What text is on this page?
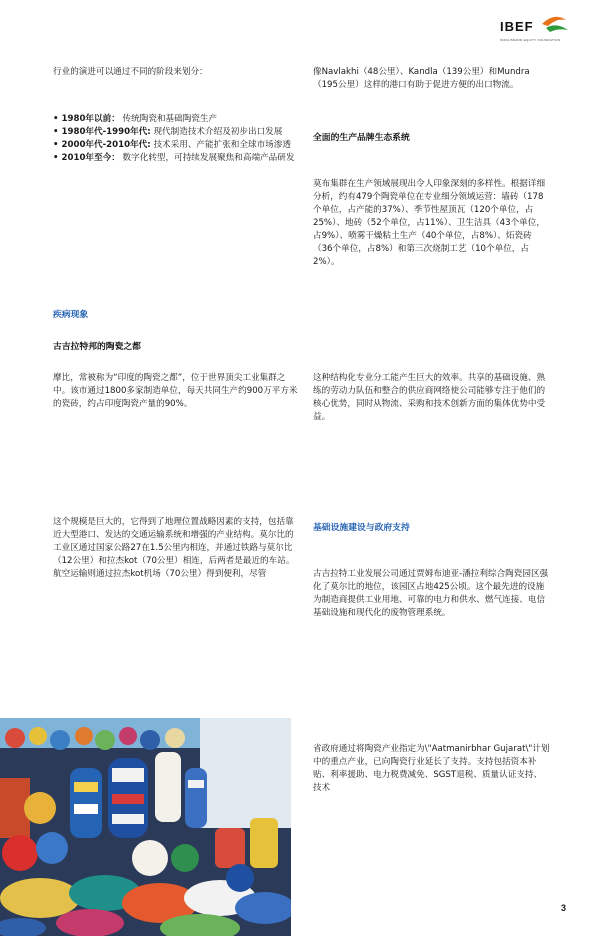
IBEF
INDIA BRAND EQUITY FOUNDATION

行业的演进可以通过不同的阶段来划分：

• 1980年以前： 传统陶瓷和基础陶瓷生产
• 1980年代-1990年代: 现代制造技术介绍及初步出口发展
• 2000年代-2010年代: 技术采用、产能扩张和全球市场渗透
• 2010年至今： 数字化转型，可持续发展聚焦和高端产品研发
疾病现象
古吉拉特邦的陶瓷之都

摩比，常被称为“印度的陶瓷之都”，位于世界顶尖工业集群之中。该市通过1800多家制造单位，每天共同生产约900万平方米的瓷砖，约占印度陶瓷产量的90%。

这个规模是巨大的，它得到了地理位置战略因素的支持，包括靠近大型港口、发达的交通运输系统和增强的产业结构。莫尔比的工业区通过国家公路27在1.5公里内相连，并通过铁路与莫尔比（12公里）和拉杰kot（70公里）相连，后两者是最近的车站。航空运输则通过拉杰kot机场（70公里）得到便利，尽管

像Navlakhi（48公里）、Kandla（139公里）和Mundra（195公里）这样的港口有助于促进方便的出口物流。

全面的生产品牌生态系统

莫布集群在生产领域展现出令人印象深刻的多样性。根据详细分析，约有479个陶瓷单位在专业细分领域运营：墙砖（178个单位，占产能的37%）、季节性屋顶瓦（120个单位，占25%）、地砖（52个单位，占11%）、卫生洁具（43个单位，占9%）、喷雾干燥粘土生产（40个单位，占8%）、炻瓷砖（36个单位，占8%）和第三次烧制工艺（10个单位，占2%）。

这种结构化专业分工能产生巨大的效率。共享的基础设施、熟练的劳动力队伍和整合的供应商网络使公司能够专注于他们的核心优势，同时从物流、采购和技术创新方面的集体优势中受益。

基础设施建设与政府支持

古吉拉特工业发展公司通过贾姆布迪亚-潘拉利综合陶瓷园区强化了莫尔比的地位，该园区占地425公顷。这个最先进的设施为制造商提供工业用地、可靠的电力和供水、燃气连接、电信基础设施和现代化的废物管理系统。

省政府通过将陶瓷产业指定为\"Aatmanirbhar Gujarat\"计划中的重点产业，已向陶瓷行业延长了支持。支持包括资本补贴、利率援助、电力税费减免、SGST退税、质量认证支持、技术

3
